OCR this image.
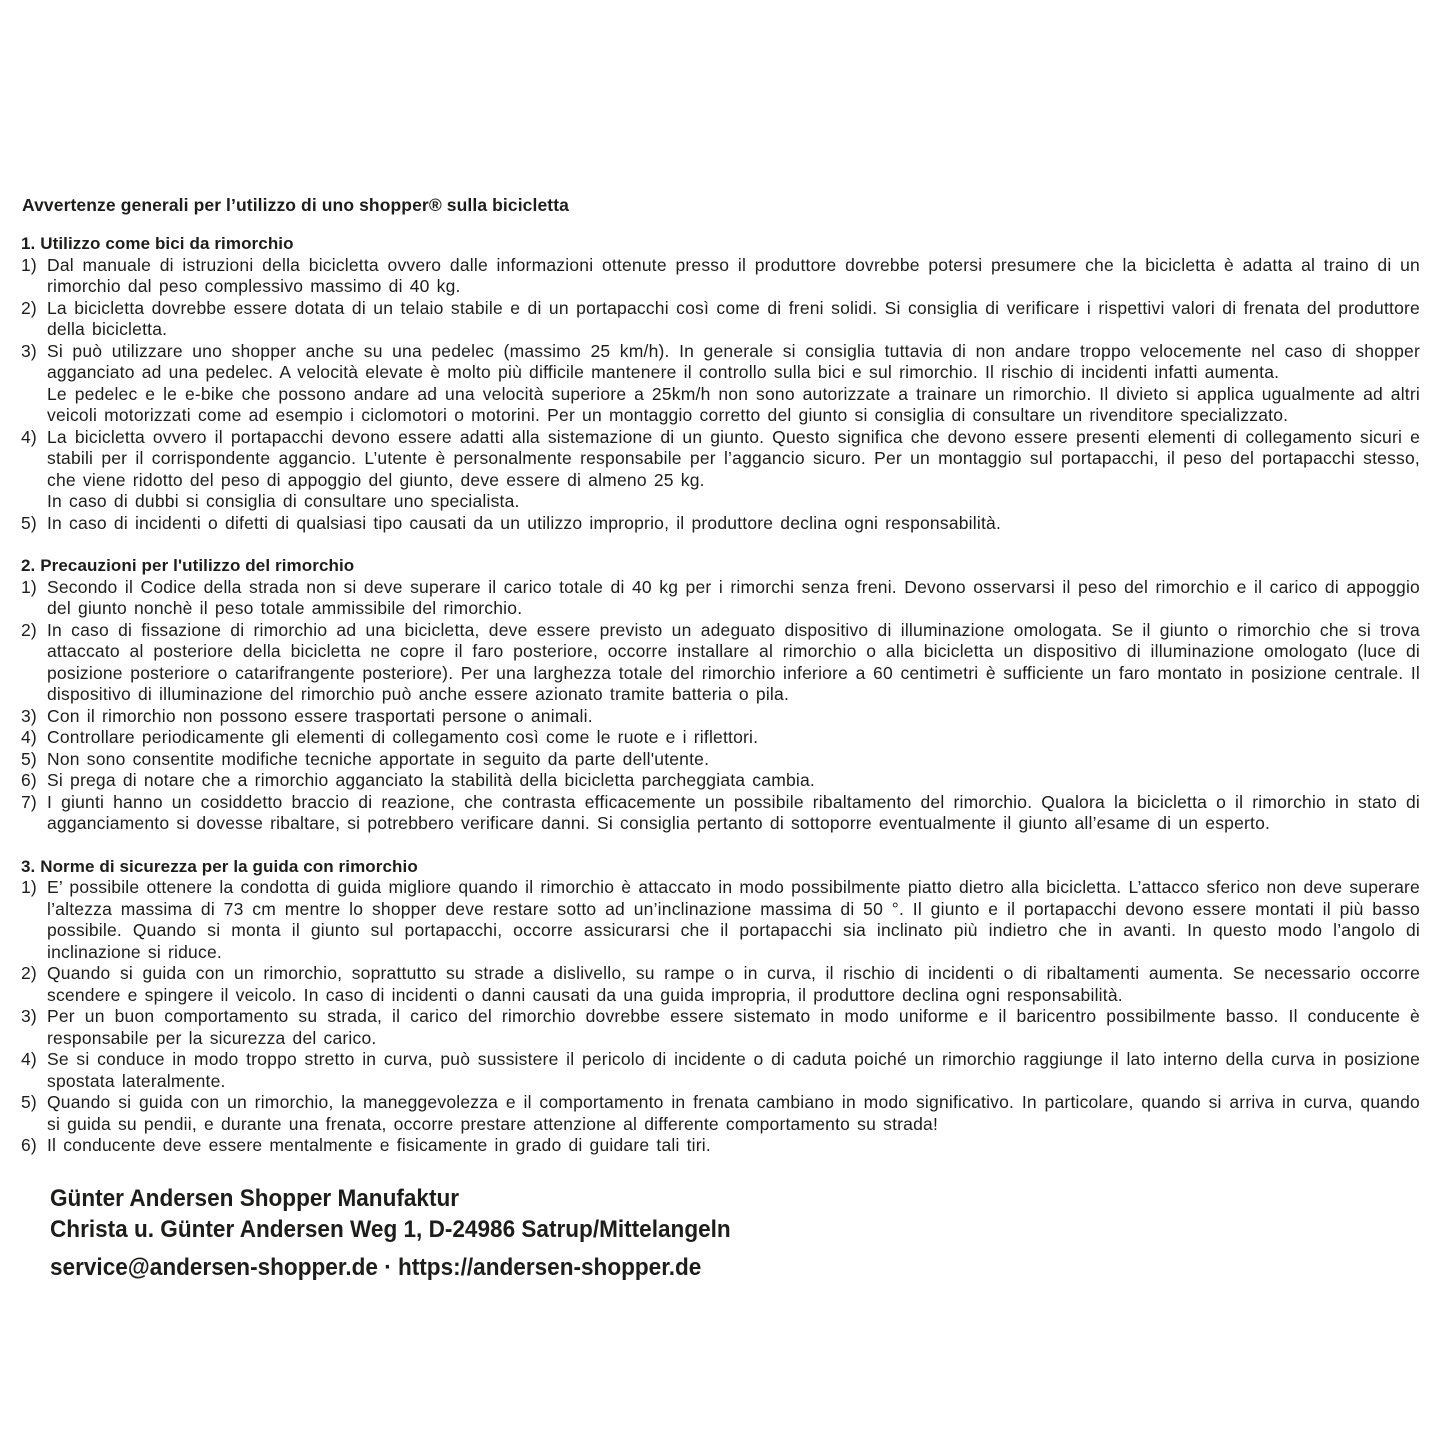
Avvertenze generali per l’utilizzo di uno shopper® sulla bicicletta
1. Utilizzo come bici da rimorchio
1) Dal manuale di istruzioni della bicicletta ovvero dalle informazioni ottenute presso il produttore dovrebbe potersi presumere che la bicicletta è adatta al traino di un rimorchio dal peso complessivo massimo di 40 kg.

2) La bicicletta dovrebbe essere dotata di un telaio stabile e di un portapacchi così come di freni solidi. Si consiglia di verificare i rispettivi valori di frenata del produttore della bicicletta.

3) Si può utilizzare uno shopper anche su una pedelec (massimo 25 km/h). In generale si consiglia tuttavia di non andare troppo velocemente nel caso di shopper agganciato ad una pedelec. A velocità elevate è molto più difficile mantenere il controllo sulla bici e sul rimorchio. Il rischio di incidenti infatti aumenta.

Le pedelec e le e-bike che possono andare ad una velocità superiore a 25km/h non sono autorizzate a trainare un rimorchio. Il divieto si applica ugualmente ad altri veicoli motorizzati come ad esempio i ciclomotori o motorini. Per un montaggio corretto del giunto si consiglia di consultare un rivenditore specializzato.

4) La bicicletta ovvero il portapacchi devono essere adatti alla sistemazione di un giunto. Questo significa che devono essere presenti elementi di collegamento sicuri e stabili per il corrispondente aggancio. L’utente è personalmente responsabile per l’aggancio sicuro. Per un montaggio sul portapacchi, il peso del portapacchi stesso, che viene ridotto del peso di appoggio del giunto, deve essere di almeno 25 kg.

In caso di dubbi si consiglia di consultare uno specialista.

5) In caso di incidenti o difetti di qualsiasi tipo causati da un utilizzo improprio, il produttore declina ogni responsabilità.

2. Precauzioni per l'utilizzo del rimorchio
1) Secondo il Codice della strada non si deve superare il carico totale di 40 kg per i rimorchi senza freni. Devono osservarsi il peso del rimorchio e il carico di appoggio del giunto nonchè il peso totale ammissibile del rimorchio.

2) In caso di fissazione di rimorchio ad una bicicletta, deve essere previsto un adeguato dispositivo di illuminazione omologata. Se il giunto o rimorchio che si trova attaccato al posteriore della bicicletta ne copre il faro posteriore, occorre installare al rimorchio o alla bicicletta un dispositivo di illuminazione omologato (luce di posizione posteriore o catarifrangente posteriore). Per una larghezza totale del rimorchio inferiore a 60 centimetri è sufficiente un faro montato in posizione centrale. Il dispositivo di illuminazione del rimorchio può anche essere azionato tramite batteria o pila.

3) Con il rimorchio non possono essere trasportati persone o animali.

4) Controllare periodicamente gli elementi di collegamento così come le ruote e i riflettori.

5) Non sono consentite modifiche tecniche apportate in seguito da parte dell'utente.

6) Si prega di notare che a rimorchio agganciato la stabilità della bicicletta parcheggiata cambia.

7) I giunti hanno un cosiddetto braccio di reazione, che contrasta efficacemente un possibile ribaltamento del rimorchio. Qualora la bicicletta o il rimorchio in stato di agganciamento si dovesse ribaltare, si potrebbero verificare danni. Si consiglia pertanto di sottoporre eventualmente il giunto all’esame di un esperto.

3. Norme di sicurezza per la guida con rimorchio
1) E’ possibile ottenere la condotta di guida migliore quando il rimorchio è attaccato in modo possibilmente piatto dietro alla bicicletta. L’attacco sferico non deve superare l’altezza massima di 73 cm mentre lo shopper deve restare sotto ad un’inclinazione massima di 50 °. Il giunto e il portapacchi devono essere montati il più basso possibile. Quando si monta il giunto sul portapacchi, occorre assicurarsi che il portapacchi sia inclinato più indietro che in avanti. In questo modo l’angolo di inclinazione si riduce.

2) Quando si guida con un rimorchio, soprattutto su strade a dislivello, su rampe o in curva, il rischio di incidenti o di ribaltamenti aumenta. Se necessario occorre scendere e spingere il veicolo. In caso di incidenti o danni causati da una guida impropria, il produttore declina ogni responsabilità.

3) Per un buon comportamento su strada, il carico del rimorchio dovrebbe essere sistemato in modo uniforme e il baricentro possibilmente basso. Il conducente è responsabile per la sicurezza del carico.

4) Se si conduce in modo troppo stretto in curva, può sussistere il pericolo di incidente o di caduta poiché un rimorchio raggiunge il lato interno della curva in posizione spostata lateralmente.

5) Quando si guida con un rimorchio, la maneggevolezza e il comportamento in frenata cambiano in modo significativo. In particolare, quando si arriva in curva, quando si guida su pendii, e durante una frenata, occorre prestare attenzione al differente comportamento su strada!

6) Il conducente deve essere mentalmente e fisicamente in grado di guidare tali tiri.

Günter Andersen Shopper Manufaktur

Christa u. Günter Andersen Weg 1, D-24986 Satrup/Mittelangeln

service@andersen-shopper.de · https://andersen-shopper.de
